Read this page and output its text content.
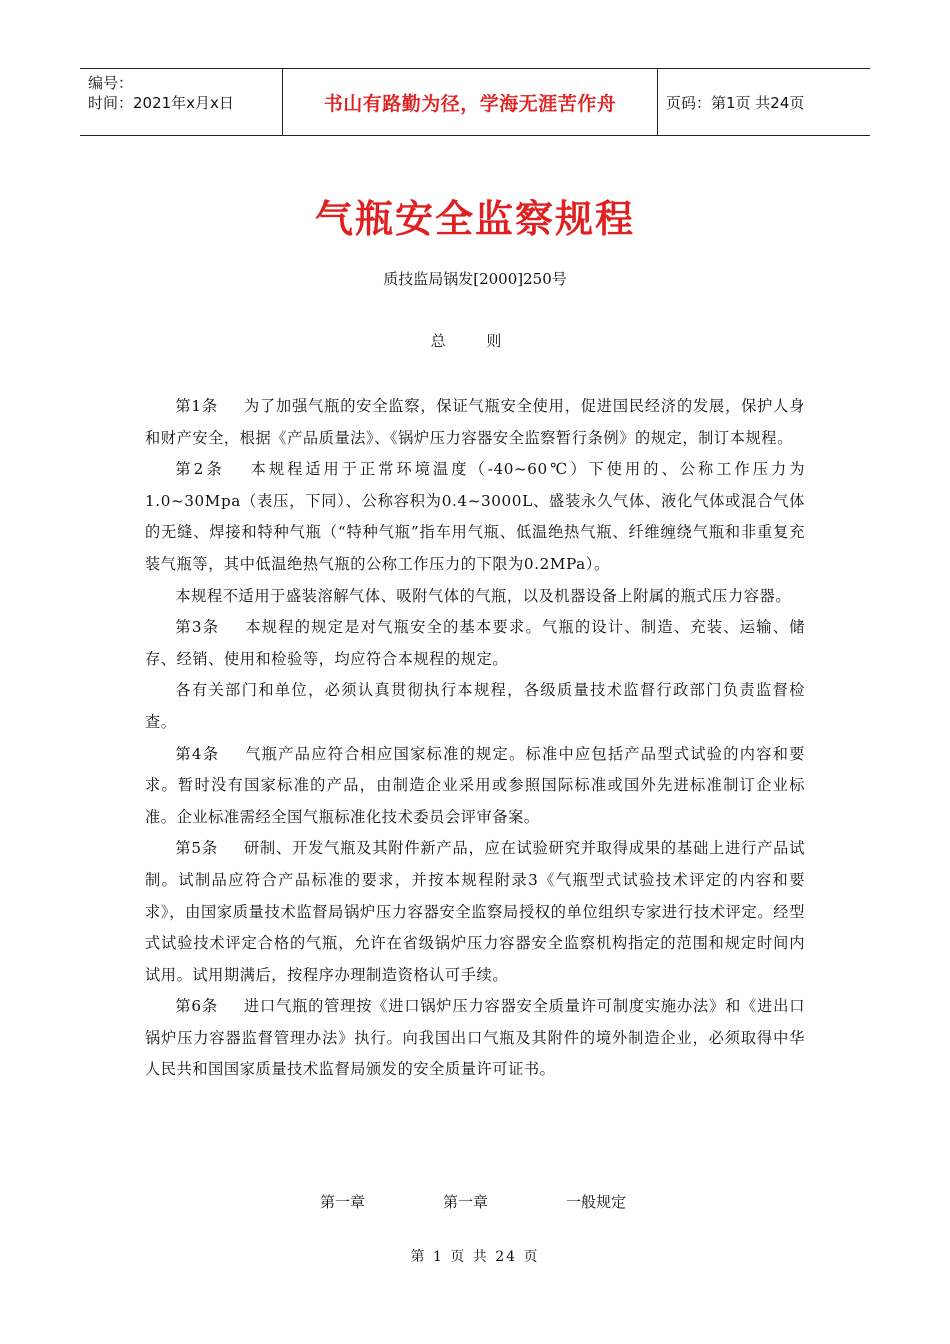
编号：
时间：2021年x月x日	书山有路勤为径，学海无涯苦作舟	页码：第1页 共24页
气瓶安全监察规程
质技监局锅发[2000]250号
总 则

第1条 为了加强气瓶的安全监察，保证气瓶安全使用，促进国民经济的发展，保护人身和财产安全，根据《产品质量法》、《锅炉压力容器安全监察暂行条例》的规定，制订本规程。

第2条 本规程适用于正常环境温度（-40~60℃）下使用的、公称工作压力为1.0~30Mpa（表压，下同）、公称容积为0.4~3000L、盛装永久气体、液化气体或混合气体的无缝、焊接和特种气瓶（“特种气瓶”指车用气瓶、低温绝热气瓶、纤维缠绕气瓶和非重复充装气瓶等，其中低温绝热气瓶的公称工作压力的下限为0.2MPa）。

本规程不适用于盛装溶解气体、吸附气体的气瓶，以及机器设备上附属的瓶式压力容器。

第3条 本规程的规定是对气瓶安全的基本要求。气瓶的设计、制造、充装、运输、储存、经销、使用和检验等，均应符合本规程的规定。

各有关部门和单位，必须认真贯彻执行本规程，各级质量技术监督行政部门负责监督检查。

第4条 气瓶产品应符合相应国家标准的规定。标准中应包括产品型式试验的内容和要求。暂时没有国家标准的产品，由制造企业采用或参照国际标准或国外先进标准制订企业标准。企业标准需经全国气瓶标准化技术委员会评审备案。

第5条 研制、开发气瓶及其附件新产品，应在试验研究并取得成果的基础上进行产品试制。试制品应符合产品标准的要求，并按本规程附录3《气瓶型式试验技术评定的内容和要求》，由国家质量技术监督局锅炉压力容器安全监察局授权的单位组织专家进行技术评定。经型式试验技术评定合格的气瓶，允许在省级锅炉压力容器安全监察机构指定的范围和规定时间内试用。试用期满后，按程序办理制造资格认可手续。

第6条 进口气瓶的管理按《进口锅炉压力容器安全质量许可制度实施办法》和《进出口锅炉压力容器监督管理办法》执行。向我国出口气瓶及其附件的境外制造企业，必须取得中华人民共和国国家质量技术监督局颁发的安全质量许可证书。

第一章	第一章	一般规定
第 1 页 共 24 页
